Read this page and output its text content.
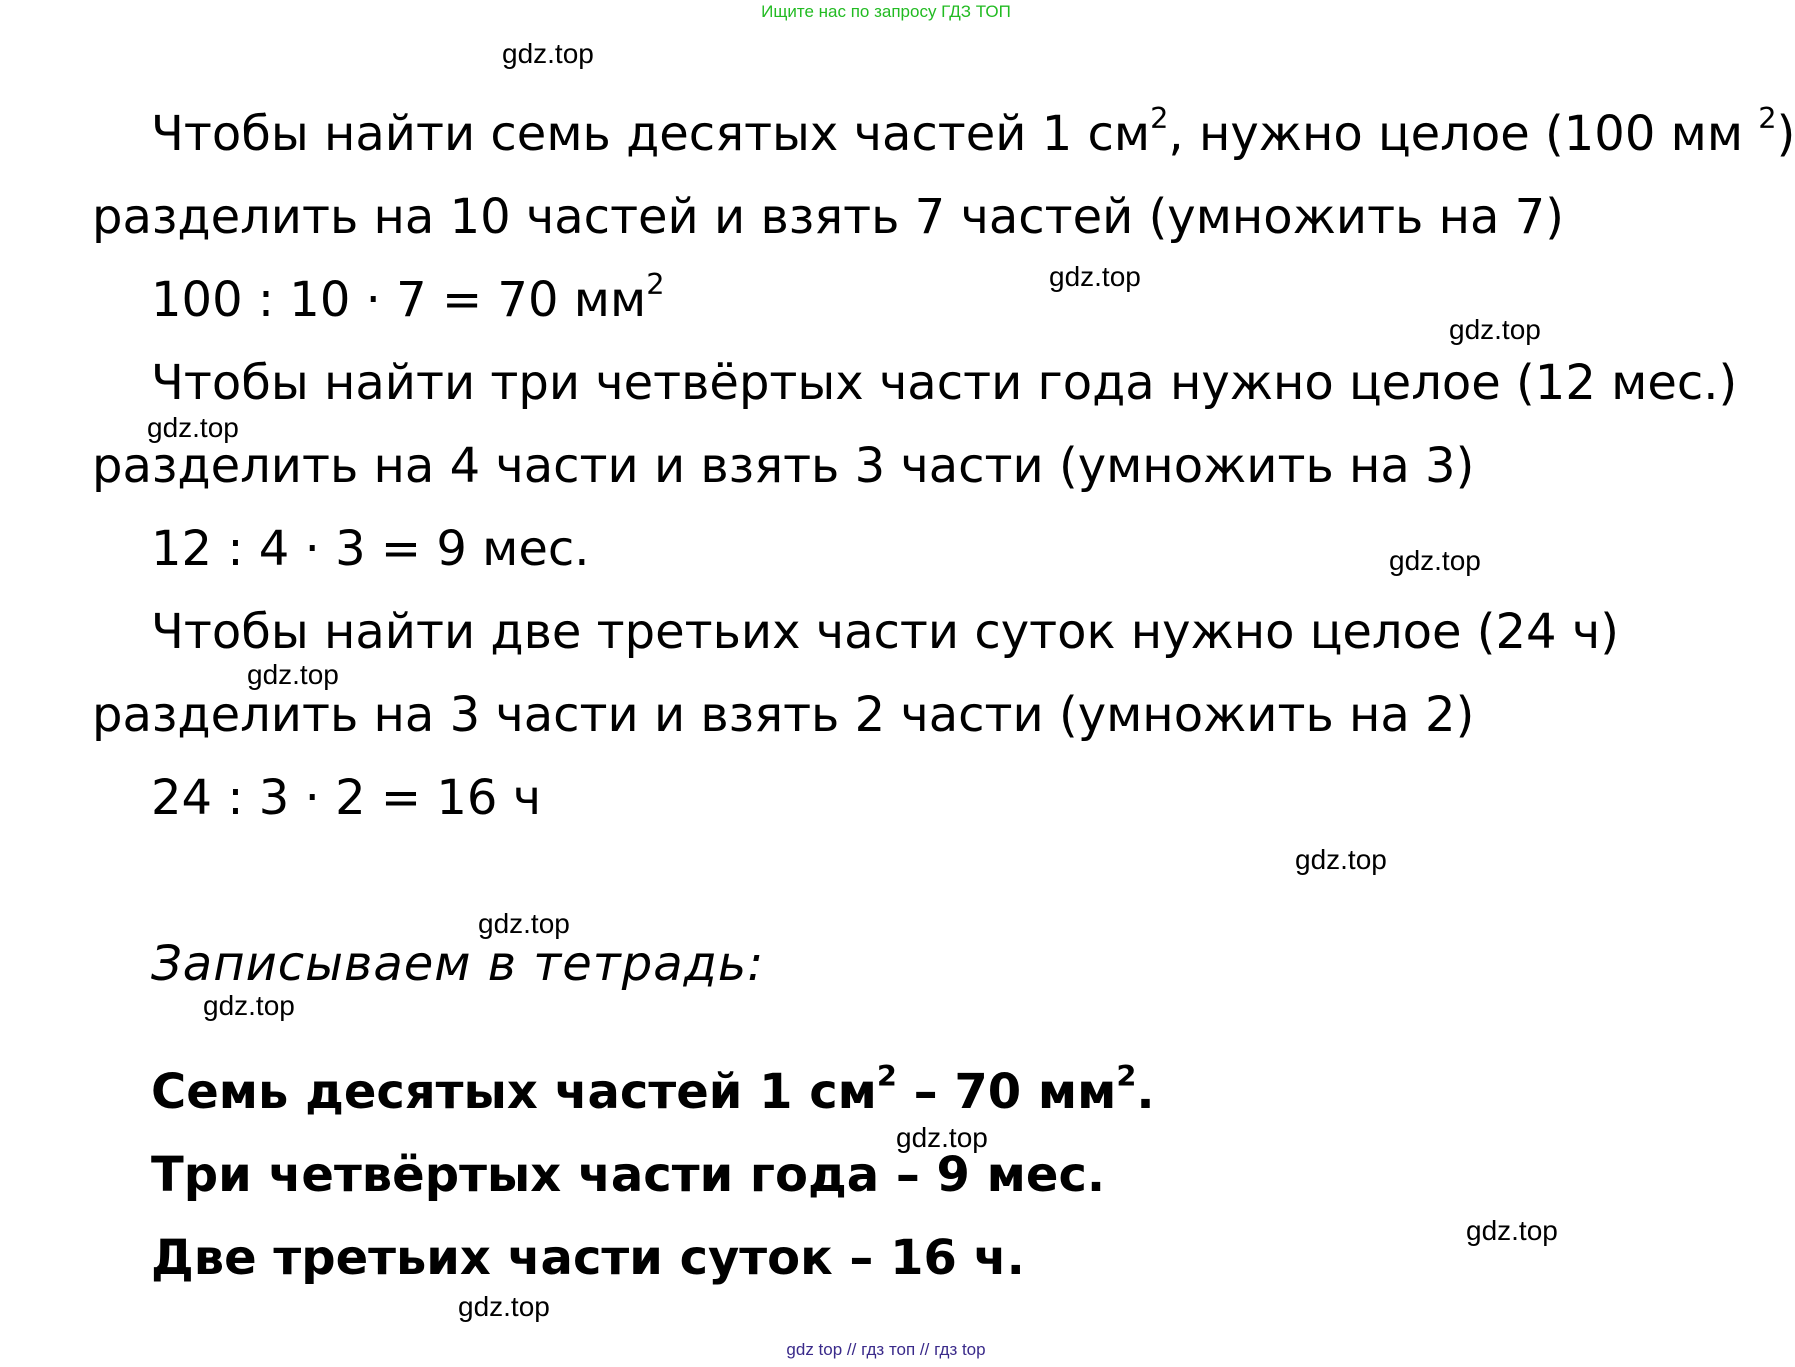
Ищите нас по запросу ГДЗ ТОП
Чтобы найти семь десятых частей 1 $см^2$, нужно целое (100 мм $^2$)
разделить на 10 частей и взять 7 частей (умножить на 7)
100 : 10 · 7 = 70 $мм^2$
Чтобы найти три четвёртых части года нужно целое (12 мес.)
разделить на 4 части и взять 3 части (умножить на 3)
12 : 4 · 3 = 9 мес.
Чтобы найти две третьих части суток нужно целое (24 ч)
разделить на 3 части и взять 2 части (умножить на 2)
24 : 3 · 2 = 16 ч
Записываем в тетрадь:
Семь десятых частей 1 $см^2 - 70$ $мм^2$.
Три четвёртых части года – 9 мес.
Две третьих части суток – 16 ч.
gdz.top
gdz.top
gdz.top
gdz.top
gdz.top
gdz.top
gdz.top
gdz.top
gdz.top
gdz.top
gdz.top
gdz.top
gdz top // гдз топ // гдз top
